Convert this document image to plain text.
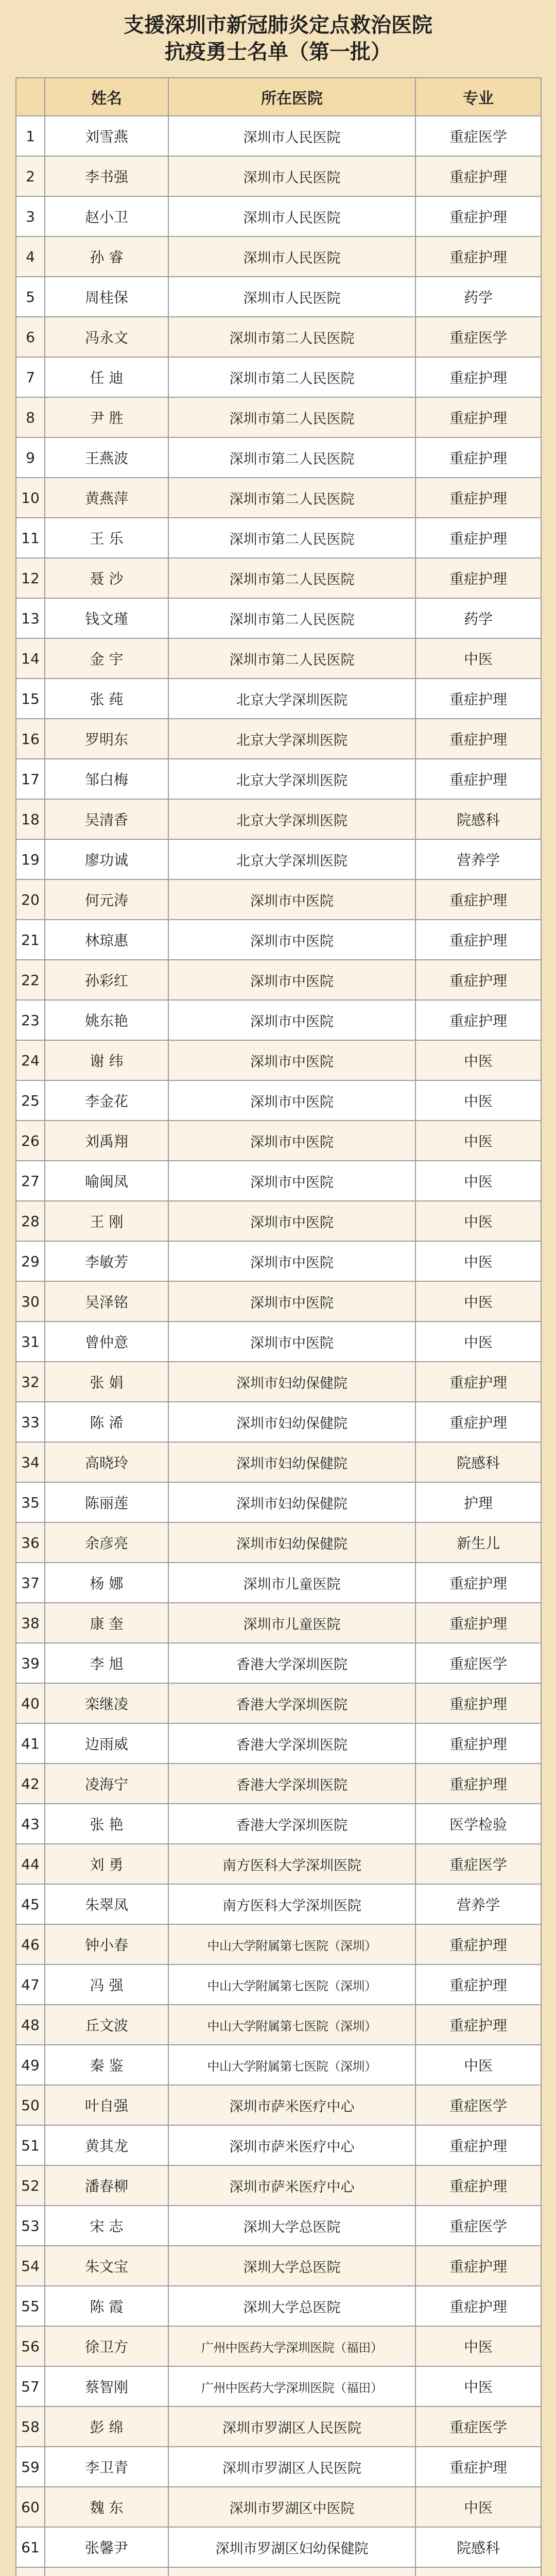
支援深圳市新冠肺炎定点救治医院
抗疫勇士名单（第一批）
	姓名	所在医院	专业
1	刘雪燕	深圳市人民医院	重症医学
2	李书强	深圳市人民医院	重症护理
3	赵小卫	深圳市人民医院	重症护理
4	孙 睿	深圳市人民医院	重症护理
5	周桂保	深圳市人民医院	药学
6	冯永文	深圳市第二人民医院	重症医学
7	任 迪	深圳市第二人民医院	重症护理
8	尹 胜	深圳市第二人民医院	重症护理
9	王燕波	深圳市第二人民医院	重症护理
10	黄燕萍	深圳市第二人民医院	重症护理
11	王 乐	深圳市第二人民医院	重症护理
12	聂 沙	深圳市第二人民医院	重症护理
13	钱文瑾	深圳市第二人民医院	药学
14	金 宇	深圳市第二人民医院	中医
15	张 莼	北京大学深圳医院	重症护理
16	罗明东	北京大学深圳医院	重症护理
17	邹白梅	北京大学深圳医院	重症护理
18	吴清香	北京大学深圳医院	院感科
19	廖功诚	北京大学深圳医院	营养学
20	何元涛	深圳市中医院	重症护理
21	林琼惠	深圳市中医院	重症护理
22	孙彩红	深圳市中医院	重症护理
23	姚东艳	深圳市中医院	重症护理
24	谢 纬	深圳市中医院	中医
25	李金花	深圳市中医院	中医
26	刘禹翔	深圳市中医院	中医
27	喻闽凤	深圳市中医院	中医
28	王 刚	深圳市中医院	中医
29	李敏芳	深圳市中医院	中医
30	吴泽铭	深圳市中医院	中医
31	曾仲意	深圳市中医院	中医
32	张 娟	深圳市妇幼保健院	重症护理
33	陈 浠	深圳市妇幼保健院	重症护理
34	高晓玲	深圳市妇幼保健院	院感科
35	陈丽莲	深圳市妇幼保健院	护理
36	余彦亮	深圳市妇幼保健院	新生儿
37	杨 娜	深圳市儿童医院	重症护理
38	康 奎	深圳市儿童医院	重症护理
39	李 旭	香港大学深圳医院	重症医学
40	栾继凌	香港大学深圳医院	重症护理
41	边雨威	香港大学深圳医院	重症护理
42	凌海宁	香港大学深圳医院	重症护理
43	张 艳	香港大学深圳医院	医学检验
44	刘 勇	南方医科大学深圳医院	重症医学
45	朱翠凤	南方医科大学深圳医院	营养学
46	钟小春	中山大学附属第七医院（深圳）	重症护理
47	冯 强	中山大学附属第七医院（深圳）	重症护理
48	丘文波	中山大学附属第七医院（深圳）	重症护理
49	秦 鉴	中山大学附属第七医院（深圳）	中医
50	叶自强	深圳市萨米医疗中心	重症医学
51	黄其龙	深圳市萨米医疗中心	重症护理
52	潘春柳	深圳市萨米医疗中心	重症护理
53	宋 志	深圳大学总医院	重症医学
54	朱文宝	深圳大学总医院	重症护理
55	陈 霞	深圳大学总医院	重症护理
56	徐卫方	广州中医药大学深圳医院（福田）	中医
57	蔡智刚	广州中医药大学深圳医院（福田）	中医
58	彭 绵	深圳市罗湖区人民医院	重症医学
59	李卫青	深圳市罗湖区人民医院	重症护理
60	魏 东	深圳市罗湖区中医院	中医
61	张馨尹	深圳市罗湖区妇幼保健院	院感科
